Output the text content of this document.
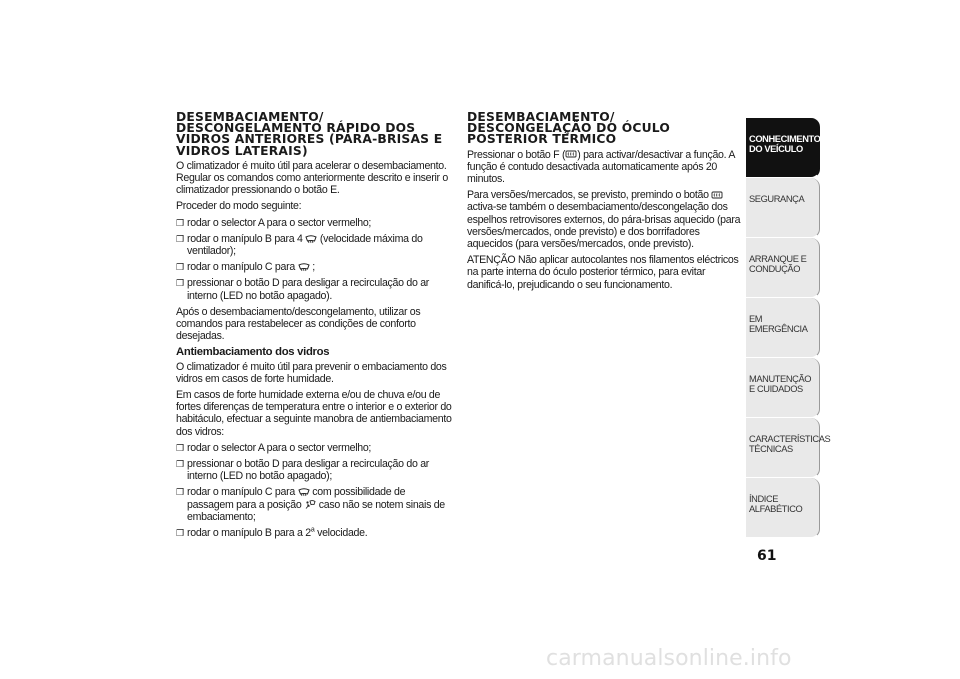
DESEMBACIAMENTO/ DESCONGELAMENTO RÁPIDO DOS VIDROS ANTERIORES (PÁRA-BRISAS E VIDROS LATERAIS)

O climatizador é muito útil para acelerar o desembaciamento. Regular os comandos como anteriormente descrito e inserir o climatizador pressionando o botão E.

Proceder do modo seguinte:

❒ rodar o selector A para o sector vermelho;
❒ rodar o manípulo B para 4 (velocidade máxima do ventilador);
❒ rodar o manípulo C para ;
❒ pressionar o botão D para desligar a recirculação do ar interno (LED no botão apagado).

Após o desembaciamento/descongelamento, utilizar os comandos para restabelecer as condições de conforto desejadas.

Antiembaciamento dos vidros

O climatizador é muito útil para prevenir o embaciamento dos vidros em casos de forte humidade.

Em casos de forte humidade externa e/ou de chuva e/ou de fortes diferenças de temperatura entre o interior e o exterior do habitáculo, efectuar a seguinte manobra de antiembaciamento dos vidros:

❒ rodar o selector A para o sector vermelho;
❒ pressionar o botão D para desligar a recirculação do ar interno (LED no botão apagado);
❒ rodar o manípulo C para com possibilidade de passagem para a posição caso não se notem sinais de embaciamento;
❒ rodar o manípulo B para a 2$^a$ velocidade.
DESEMBACIAMENTO/ DESCONGELAÇÃO DO ÓCULO POSTERIOR TÉRMICO

Pressionar o botão F ( ) para activar/desactivar a função. A função é contudo desactivada automaticamente após 20 minutos.

Para versões/mercados, se previsto, premindo o botão
activa-se também o desembaciamento/descongelação dos espelhos retrovisores externos, do pára-brisas aquecido (para versões/mercados, onde previsto) e dos borrifadores aquecidos (para versões/mercados, onde previsto).

ATENÇÃO Não aplicar autocolantes nos filamentos eléctricos na parte interna do óculo posterior térmico, para evitar danificá-lo, prejudicando o seu funcionamento.

CONHECIMENTO DO VEÍCULO
SEGURANÇA
ARRANQUE E CONDUÇÃO
EM EMERGÊNCIA
MANUTENÇÃO E CUIDADOS
CARACTERÍSTICAS TÉCNICAS
ÍNDICE ALFABÉTICO
61
carmanualsonline.info
